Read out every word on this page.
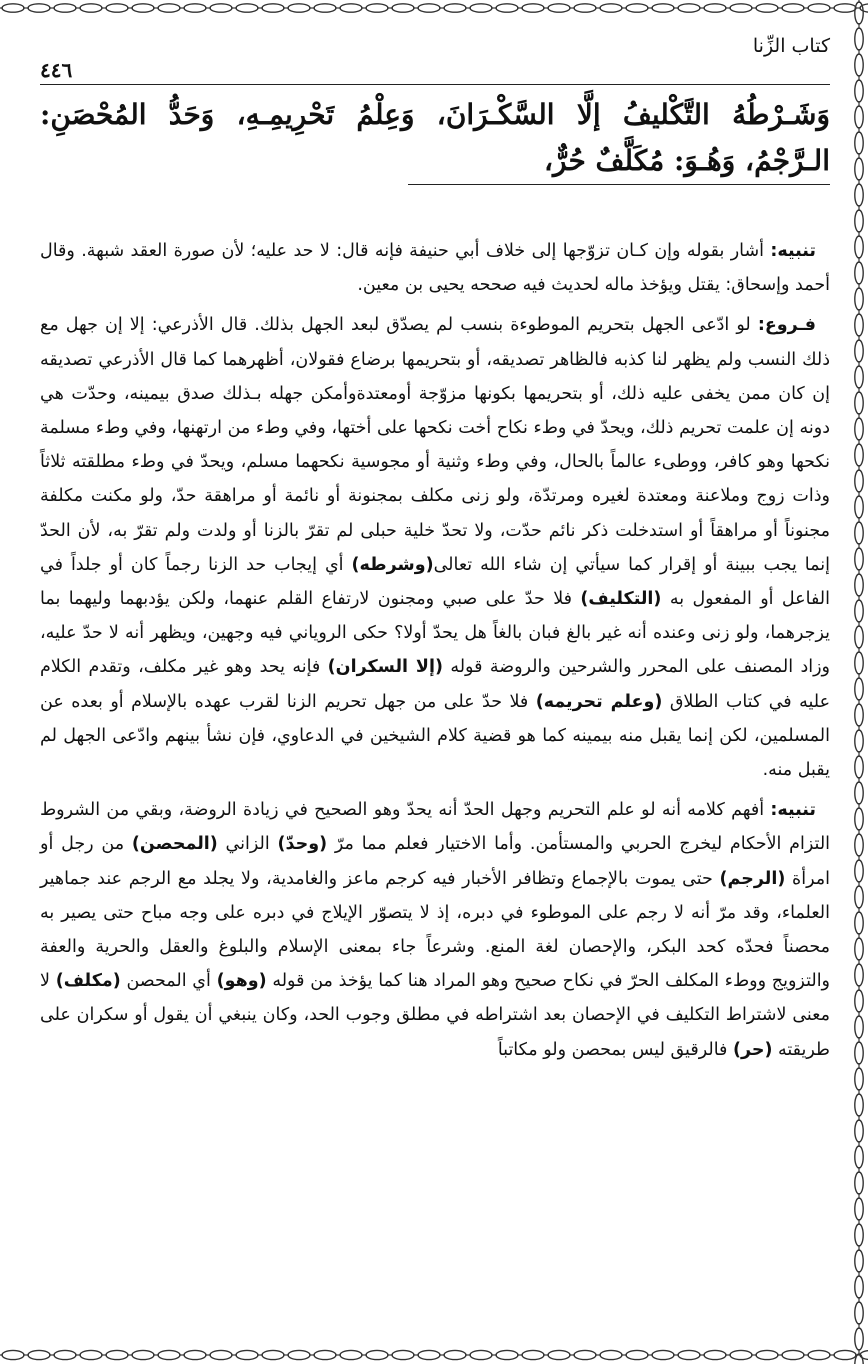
كتاب الزِّنا
٤٤٦

وَشَـرْطُهُ التَّكْليفُ إلَّا السَّكْـرَانَ، وَعِلْمُ تَحْرِيمِـهِ، وَحَدُّ المُحْصَنِ: الـرَّجْمُ، وَهُـوَ: مُكَلَّفٌ حُرٌّ،

تنبيه: أشار بقوله وإن كـان تزوّجها إلى خلاف أبي حنيفة فإنه قال: لا حد عليه؛ لأن صورة العقد شبهة. وقال أحمد وإسحاق: يقتل ويؤخذ ماله لحديث فيه صححه يحيى بن معين.

فـروع: لو ادّعى الجهل بتحريم الموطوءة بنسب لم يصدّق لبعد الجهل بذلك. قال الأذرعي: إلا إن جهل مع ذلك النسب ولم يظهر لنا كذبه فالظاهر تصديقه، أو بتحريمها برضاع فقولان، أظهرهما كما قال الأذرعي تصديقه إن كان ممن يخفى عليه ذلك، أو بتحريمها بكونها مزوّجة أومعتدةوأمكن جهله بـذلك صدق بيمينه، وحدّت هي دونه إن علمت تحريم ذلك، ويحدّ في وطء نكاح أخت نكحها على أختها، وفي وطء من ارتهنها، وفي وطء مسلمة نكحها وهو كافر، ووطىء عالماً بالحال، وفي وطء وثنية أو مجوسية نكحهما مسلم، ويحدّ في وطء مطلقته ثلاثاً وذات زوج وملاعنة ومعتدة لغيره ومرتدّة، ولو زنى مكلف بمجنونة أو نائمة أو مراهقة حدّ، ولو مكنت مكلفة مجنوناً أو مراهقاً أو استدخلت ذكر نائم حدّت، ولا تحدّ خلية حبلى لم تقرّ بالزنا أو ولدت ولم تقرّ به، لأن الحدّ إنما يجب ببينة أو إقرار كما سيأتي إن شاء الله تعالى(وشرطه) أي إيجاب حد الزنا رجماً كان أو جلداً في الفاعل أو المفعول به (التكليف) فلا حدّ على صبي ومجنون لارتفاع القلم عنهما، ولكن يؤدبهما وليهما بما يزجرهما، ولو زنى وعنده أنه غير بالغ فبان بالغاً هل يحدّ أولا؟ حكى الروياني فيه وجهين، ويظهر أنه لا حدّ عليه، وزاد المصنف على المحرر والشرحين والروضة قوله (إلا السكران) فإنه يحد وهو غير مكلف، وتقدم الكلام عليه في كتاب الطلاق (وعلم تحريمه) فلا حدّ على من جهل تحريم الزنا لقرب عهده بالإسلام أو بعده عن المسلمين، لكن إنما يقبل منه بيمينه كما هو قضية كلام الشيخين في الدعاوي، فإن نشأ بينهم وادّعى الجهل لم يقبل منه.

تنبيه: أفهم كلامه أنه لو علم التحريم وجهل الحدّ أنه يحدّ وهو الصحيح في زيادة الروضة، وبقي من الشروط التزام الأحكام ليخرج الحربي والمستأمن. وأما الاختيار فعلم مما مرّ (وحدّ) الزاني (المحصن) من رجل أو امرأة (الرجم) حتى يموت بالإجماع وتظافر الأخبار فيه كرجم ماعز والغامدية، ولا يجلد مع الرجم عند جماهير العلماء، وقد مرّ أنه لا رجم على الموطوء في دبره، إذ لا يتصوّر الإيلاج في دبره على وجه مباح حتى يصير به محصناً فحدّه كحد البكر، والإحصان لغة المنع. وشرعاً جاء بمعنى الإسلام والبلوغ والعقل والحرية والعفة والتزويج ووطء المكلف الحرّ في نكاح صحيح وهو المراد هنا كما يؤخذ من قوله (وهو) أي المحصن (مكلف) لا معنى لاشتراط التكليف في الإحصان بعد اشتراطه في مطلق وجوب الحد، وكان ينبغي أن يقول أو سكران على طريقته (حر) فالرقيق ليس بمحصن ولو مكاتباً
